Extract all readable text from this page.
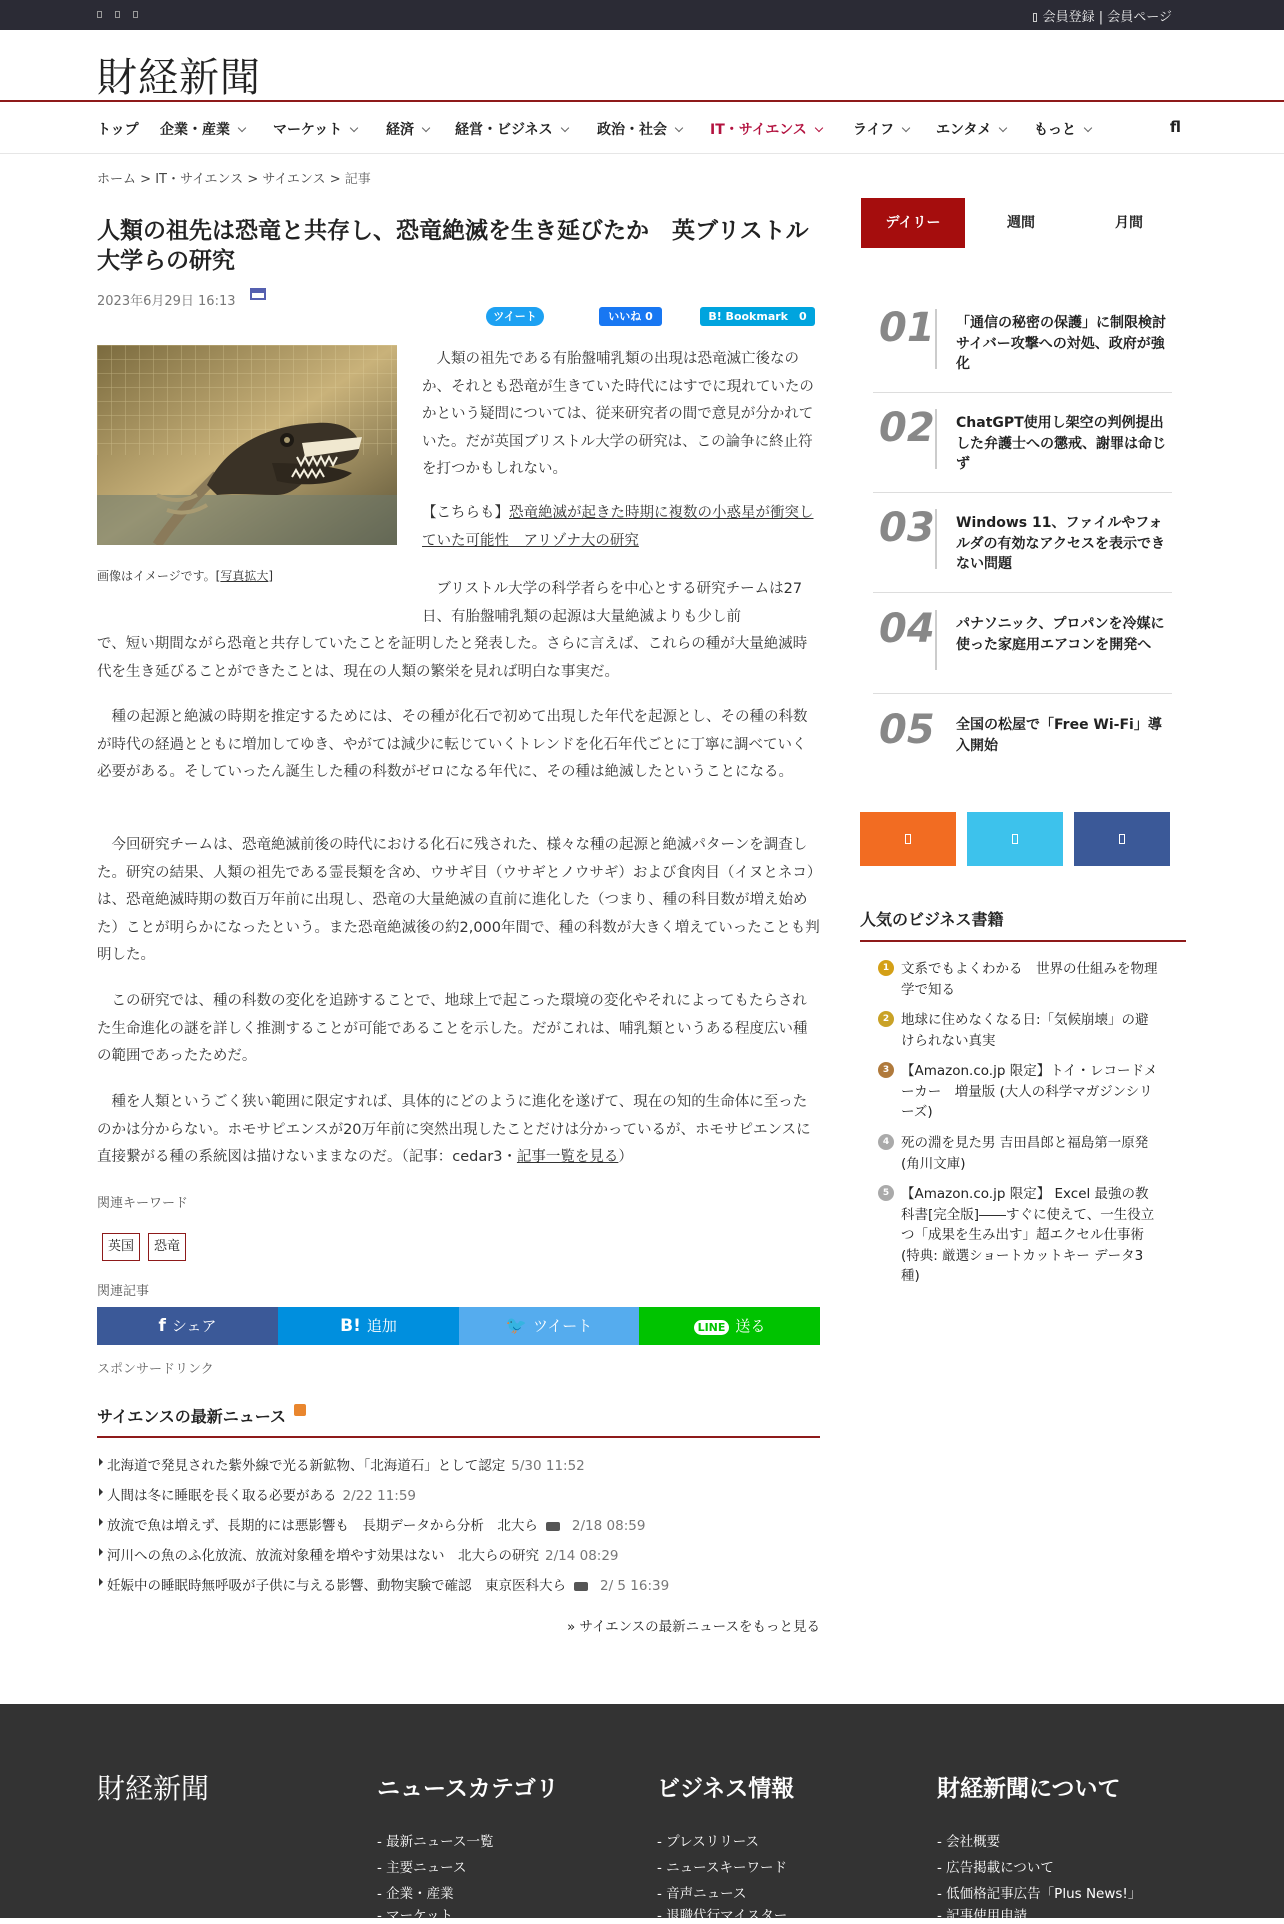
会員登録 | 会員ページ
財経新聞
トップ 企業・産業	マーケット	経済	経営・ビジネス	政治・社会	IT・サイエンス	ライフ	エンタメ	もっと	fl
ホーム > IT・サイエンス > サイエンス > 記事
人類の祖先は恐竜と共存し、恐竜絶滅を生き延びたか　英ブリストル大学らの研究
2023年6月29日 16:13
ツイート	いいね 0	B! Bookmark　0
画像はイメージです。[写真拡大]

　人類の祖先である有胎盤哺乳類の出現は恐竜滅亡後なのか、それとも恐竜が生きていた時代にはすでに現れていたのかという疑問については、従来研究者の間で意見が分かれていた。だが英国ブリストル大学の研究は、この論争に終止符を打つかもしれない。

【こちらも】恐竜絶滅が起きた時期に複数の小惑星が衝突していた可能性　アリゾナ大の研究

　ブリストル大学の科学者らを中心とする研究チームは27日、有胎盤哺乳類の起源は大量絶滅よりも少し前

で、短い期間ながら恐竜と共存していたことを証明したと発表した。さらに言えば、これらの種が大量絶滅時代を生き延びることができたことは、現在の人類の繁栄を見れば明白な事実だ。

　種の起源と絶滅の時期を推定するためには、その種が化石で初めて出現した年代を起源とし、その種の科数が時代の経過とともに増加してゆき、やがては減少に転じていくトレンドを化石年代ごとに丁寧に調べていく必要がある。そしていったん誕生した種の科数がゼロになる年代に、その種は絶滅したということになる。

　今回研究チームは、恐竜絶滅前後の時代における化石に残された、様々な種の起源と絶滅パターンを調査した。研究の結果、人類の祖先である霊長類を含め、ウサギ目（ウサギとノウサギ）および食肉目（イヌとネコ）は、恐竜絶滅時期の数百万年前に出現し、恐竜の大量絶滅の直前に進化した（つまり、種の科目数が増え始めた）ことが明らかになったという。また恐竜絶滅後の約2,000年間で、種の科数が大きく増えていったことも判明した。

　この研究では、種の科数の変化を追跡することで、地球上で起こった環境の変化やそれによってもたらされた生命進化の謎を詳しく推測することが可能であることを示した。だがこれは、哺乳類というある程度広い種の範囲であったためだ。

　種を人類というごく狭い範囲に限定すれば、具体的にどのように進化を遂げて、現在の知的生命体に至ったのかは分からない。ホモサピエンスが20万年前に突然出現したことだけは分かっているが、ホモサピエンスに直接繋がる種の系統図は描けないままなのだ。（記事：cedar3・記事一覧を見る）

関連キーワード
英国	恐竜
関連記事
f シェア	B! 追加	🐦 ツイート	LINE 送る
スポンサードリンク
サイエンスの最新ニュース
北海道で発見された紫外線で光る新鉱物、「北海道石」として認定 5/30 11:52
人間は冬に睡眠を長く取る必要がある 2/22 11:59
放流で魚は増えず、長期的には悪影響も　長期データから分析　北大ら	2/18 08:59
河川への魚のふ化放流、放流対象種を増やす効果はない　北大らの研究 2/14 08:29
妊娠中の睡眠時無呼吸が子供に与える影響、動物実験で確認　東京医科大ら	2/ 5 16:39
» サイエンスの最新ニュースをもっと見る
デイリー	週間	月間
01 「通信の秘密の保護」に制限検討　サイバー攻撃への対処、政府が強化
02 ChatGPT使用し架空の判例提出した弁護士への懲戒、謝罪は命じず
03 Windows 11、ファイルやフォルダの有効なアクセスを表示できない問題
04 パナソニック、プロパンを冷媒に使った家庭用エアコンを開発へ
05 全国の松屋で「Free Wi-Fi」導入開始
人気のビジネス書籍
1 文系でもよくわかる　世界の仕組みを物理学で知る
2 地球に住めなくなる日:「気候崩壊」の避けられない真実
3 【Amazon.co.jp 限定】トイ・レコードメーカー　増量版 (大人の科学マガジンシリーズ)
4 死の淵を見た男 吉田昌郎と福島第一原発 (角川文庫)
5 【Amazon.co.jp 限定】 Excel 最強の教科書[完全版]――すぐに使えて、一生役立つ「成果を生み出す」超エクセル仕事術 (特典: 厳選ショートカットキー データ3種)
財経新聞	ニュースカテゴリ
- 最新ニュース一覧
- 主要ニュース
- 企業・産業
- マーケット
ビジネス情報
- プレスリリース
- ニュースキーワード
- 音声ニュース
- 退職代行マイスター
財経新聞について
- 会社概要
- 広告掲載について
- 低価格記事広告「Plus News!」
- 記事使用申請
